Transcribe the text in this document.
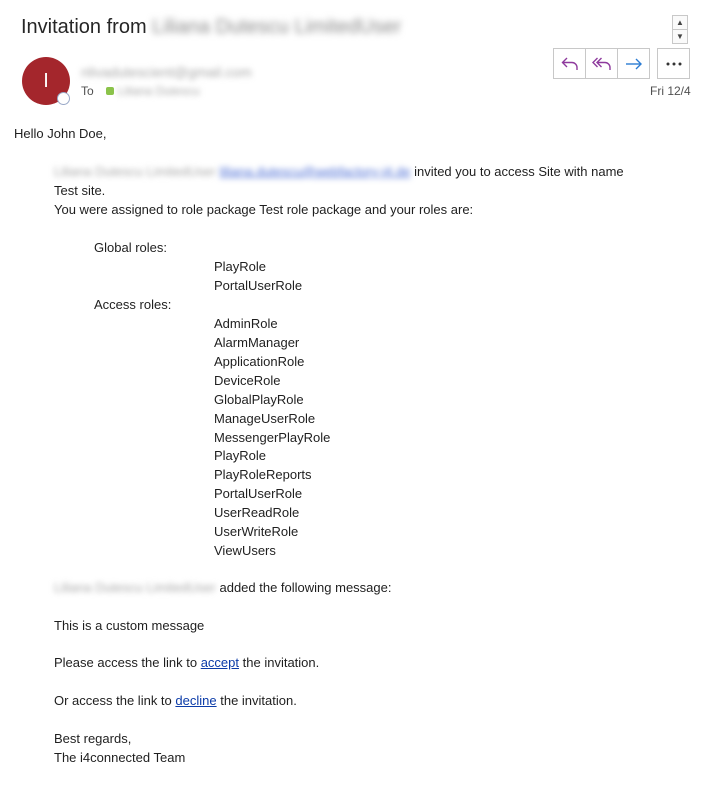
Invitation from Liliana Dutescu LimitedUser	▲
▼
I	nlivadutescient@gmail.com
To Liliana Dutescu	Fri 12/4
Hello John Doe,
Liliana Dutescu LimitedUser liliana.dutescu@webfactory-i4.de invited you to access Site with name
Test site.
You were assigned to role package Test role package and your roles are:
Global roles:
PlayRole
PortalUserRole
Access roles:
AdminRole
AlarmManager
ApplicationRole
DeviceRole
GlobalPlayRole
ManageUserRole
MessengerPlayRole
PlayRole
PlayRoleReports
PortalUserRole
UserReadRole
UserWriteRole
ViewUsers
Liliana Dutescu LimitedUser added the following message:
This is a custom message
Please access the link to accept the invitation.
Or access the link to decline the invitation.
Best regards,
The i4connected Team
